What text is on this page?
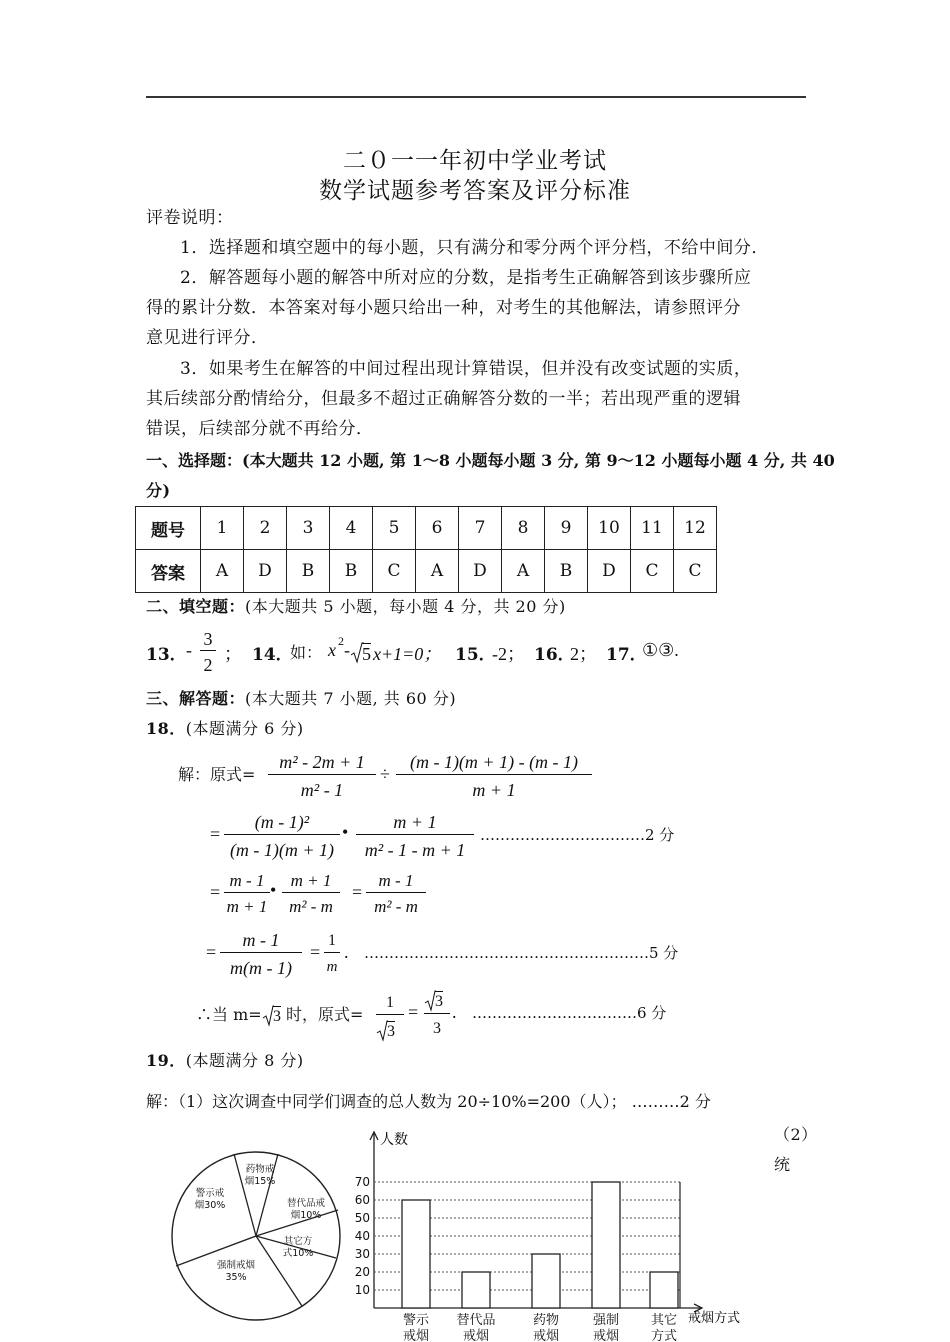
二０一一年初中学业考试
数学试题参考答案及评分标准
评卷说明：
1．选择题和填空题中的每小题，只有满分和零分两个评分档，不给中间分．
2．解答题每小题的解答中所对应的分数，是指考生正确解答到该步骤所应
得的累计分数．本答案对每小题只给出一种，对考生的其他解法，请参照评分
意见进行评分．
3．如果考生在解答的中间过程出现计算错误，但并没有改变试题的实质，
其后续部分酌情给分，但最多不超过正确解答分数的一半；若出现严重的逻辑
错误，后续部分就不再给分．
一、选择题：(本大题共 12 小题, 第 1～8 小题每小题 3 分, 第 9～12 小题每小题 4 分, 共 40
分)
题号	1	2	3	4	5	6	7	8	9	10	11	12
答案	A	D	B	B	C	A	D	A	B	D	C	C
二、填空题：(本大题共 5 小题，每小题 4 分，共 20 分)
13． -
3
2
； 14．
如： x 2 - 5 x+1=0； 15．
-2； 16．
2； 17．
①③.
三、解答题：(本大题共 7 小题, 共 60 分)
18．(本题满分 6 分)
解：原式=
m² - 2m + 1
m² - 1
÷
(m - 1)(m + 1) - (m - 1)
m + 1
=
(m - 1)²
(m - 1)(m + 1)
•	m + 1
m² - 1 - m + 1
……………………………2 分
=
m - 1
m + 1
• m + 1
m² - m
=
m - 1
m² - m
=
m - 1
m(m - 1)
=
1
m
. …………………………………………………5 分
∴当 m= 3 时，原式=
1
3
=
3
3
. ……………………………6 分
19．(本题满分 8 分)
解：（1）这次调查中同学们调查的总人数为 20÷10%=200（人）； ………2 分
（2）
统
药物戒
烟15%
替代品戒
烟10%
其它方
式10%
强制戒烟
35%
警示戒
烟30%
人数
戒烟方式
10
20
30
40
50
60
70
警示
戒烟
替代品
戒烟
药物
戒烟
强制
戒烟
其它
方式
